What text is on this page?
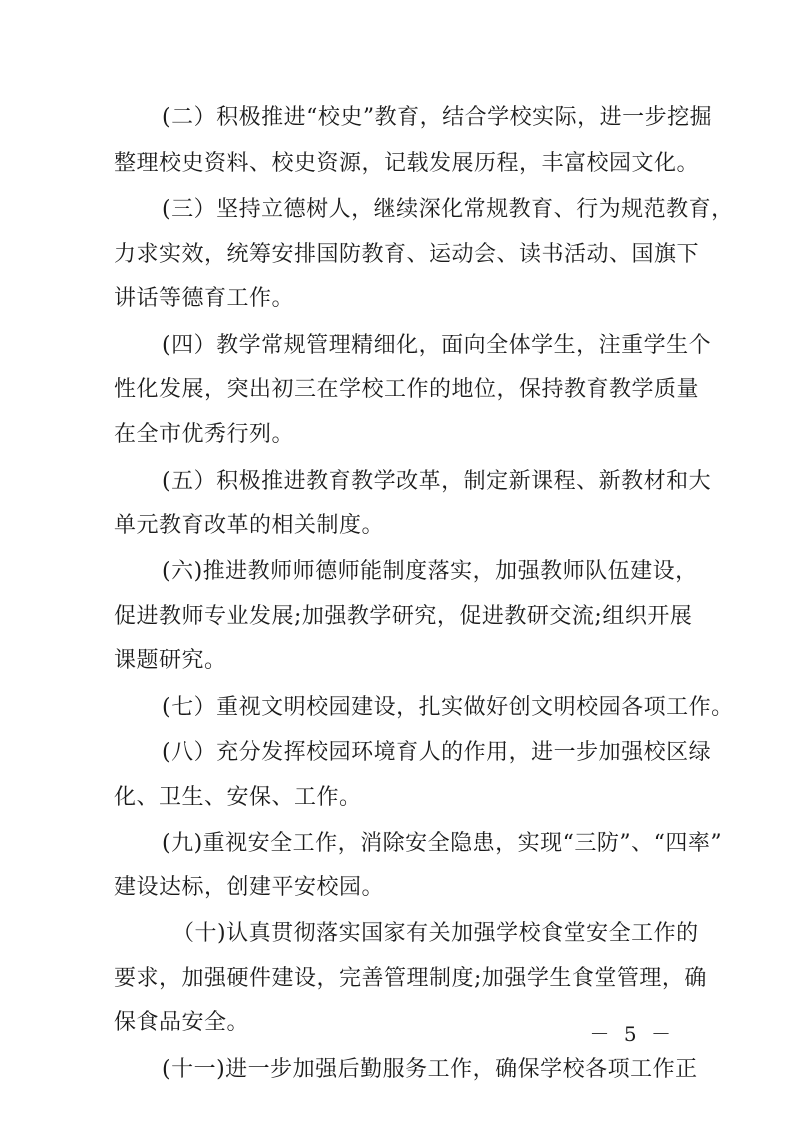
(二）积极推进“校史”教育，结合学校实际，进一步挖掘
整理校史资料、校史资源，记载发展历程，丰富校园文化。
(三）坚持立德树人，继续深化常规教育、行为规范教育，
力求实效，统筹安排国防教育、运动会、读书活动、国旗下
讲话等德育工作。
(四）教学常规管理精细化，面向全体学生，注重学生个
性化发展，突出初三在学校工作的地位，保持教育教学质量
在全市优秀行列。
(五）积极推进教育教学改革，制定新课程、新教材和大
单元教育改革的相关制度。
(六)推进教师师德师能制度落实，加强教师队伍建设，
促进教师专业发展;加强教学研究，促进教研交流;组织开展
课题研究。
(七）重视文明校园建设，扎实做好创文明校园各项工作。
(八）充分发挥校园环境育人的作用，进一步加强校区绿
化、卫生、安保、工作。
(九)重视安全工作，消除安全隐患，实现“三防”、“四率”
建设达标，创建平安校园。
（十)认真贯彻落实国家有关加强学校食堂安全工作的
要求，加强硬件建设，完善管理制度;加强学生食堂管理，确
保食品安全。
(十一)进一步加强后勤服务工作，确保学校各项工作正
－ 5 －
